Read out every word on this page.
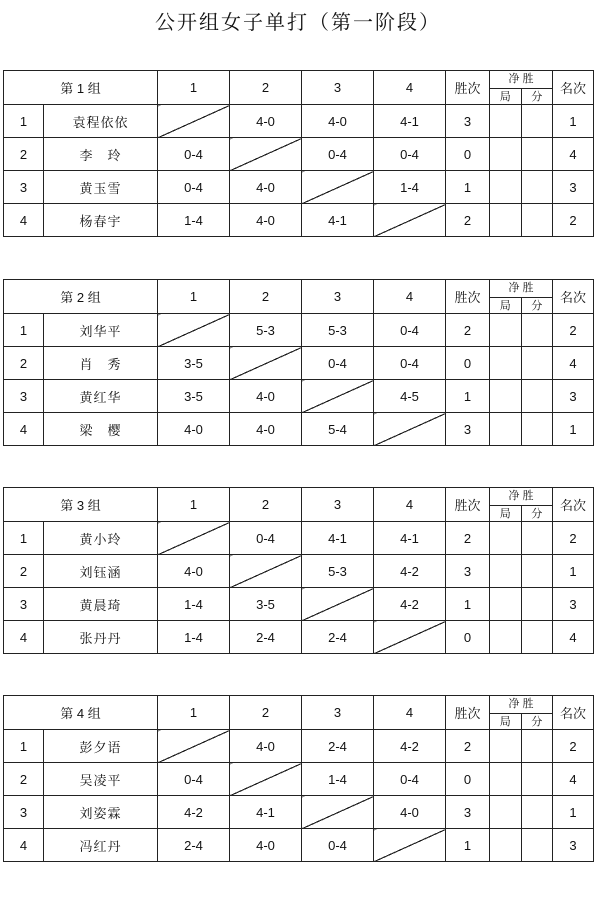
公开组女子单打（第一阶段）
第 1 组		1	2	3	4	胜次	净 胜
局 分		名次
1	袁程依依		4-0	4-0	4-1	3			1
2	李　玲	0-4		0-4	0-4	0			4
3	黄玉雪	0-4	4-0		1-4	1			3
4	杨春宇	1-4	4-0	4-1		2			2
第 2 组		1	2	3	4	胜次	净 胜
局 分		名次
1	刘华平		5-3	5-3	0-4	2			2
2	肖　秀	3-5		0-4	0-4	0			4
3	黄红华	3-5	4-0		4-5	1			3
4	梁　樱	4-0	4-0	5-4		3			1
第 3 组		1	2	3	4	胜次	净 胜
局 分		名次
1	黄小玲		0-4	4-1	4-1	2			2
2	刘钰涵	4-0		5-3	4-2	3			1
3	黄晨琦	1-4	3-5		4-2	1			3
4	张丹丹	1-4	2-4	2-4		0			4
第 4 组		1	2	3	4	胜次	净 胜
局 分		名次
1	彭夕语		4-0	2-4	4-2	2			2
2	吴凌平	0-4		1-4	0-4	0			4
3	刘姿霖	4-2	4-1		4-0	3			1
4	冯红丹	2-4	4-0	0-4		1			3
